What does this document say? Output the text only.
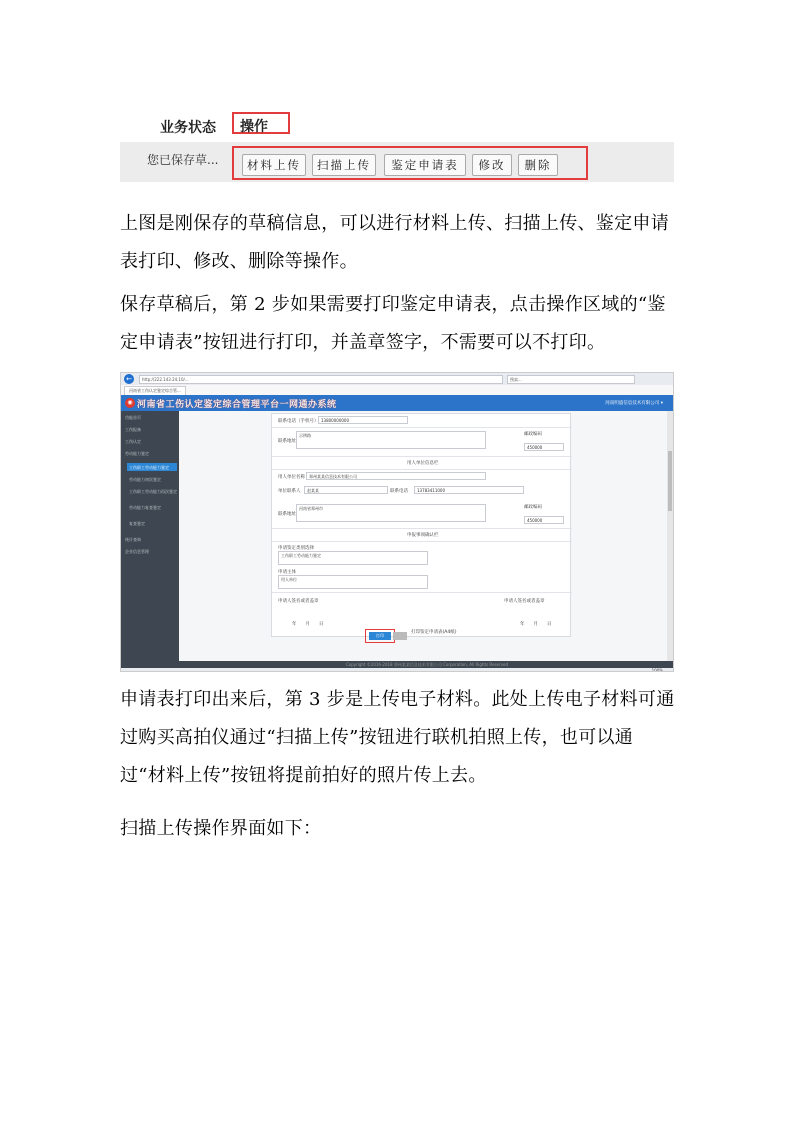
业务状态 操作
您已保存草...	材料上传	扫描上传	鉴定申请表	修改	删除

上图是刚保存的草稿信息，可以进行材料上传、扫描上传、鉴定申请表打印、修改、删除等操作。

保存草稿后，第 2 步如果需要打印鉴定申请表，点击操作区域的“鉴定申请表”按钮进行打印，并盖章签字，不需要可以不打印。

←	http://222.143.24.10/...	搜索...
河南省工伤认定鉴定综合管...
◉ 河南省工伤认定鉴定综合管理平台一网通办系统	河南明盛信息技术有限公司 ▾
功能首页
工伤报备
工伤认定
劳动能力鉴定
工伤职工劳动能力鉴定
劳动能力初次鉴定
工伤职工劳动能力再次鉴定
劳动能力复查鉴定
复查鉴定
统计查询
企业信息管理
联系电话（手机号） 13800000000
联系地址
示例路	邮政编码
450000
用人单位信息栏
用人单位名称	郑州某某信息技术有限公司
单位联系人	赵某某	联系电话	13783411000
联系地址
河南省郑州市	邮政编码
450000
申报事项确认栏
申请鉴定类别选择
工伤职工劳动能力鉴定
申请主体
用人单位
申请人签名或者盖章	申请人签名或者盖章
年　　月　　日	年　　月　　日
打印
打印鉴定申请表(A4纸)
Copyright ©2016-2018 郑州某某信息技术有限公司 Corporation, All Rights Reserved
100%

申请表打印出来后，第 3 步是上传电子材料。此处上传电子材料可通过购买高拍仪通过“扫描上传”按钮进行联机拍照上传，也可以通过“材料上传”按钮将提前拍好的照片传上去。

扫描上传操作界面如下：
